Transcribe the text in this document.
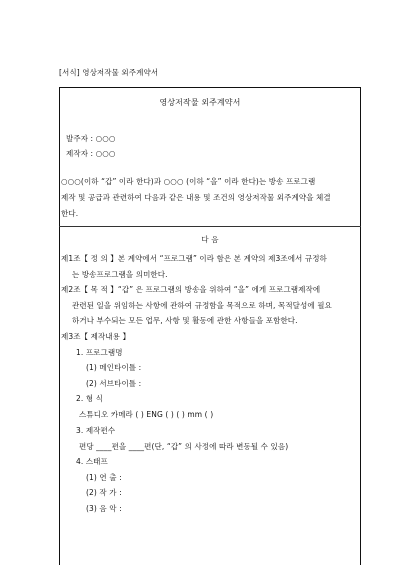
[서식] 영상저작물 외주계약서
영상저작물 외주계약서
발주자 : ○○○
제작자 : ○○○
○○○(이하 “갑” 이라 한다)과 ○○○ (이하 “을” 이라 한다)는 방송 프로그램
제작 및 공급과 관련하여 다음과 같은 내용 및 조건의 영상저작물 외주계약을 체결
한다.
다 음
제1조【 정 의 】본 계약에서 “프로그램” 이라 함은 본 계약의 제3조에서 규정하
는 방송프로그램을 의미한다.
제2조【 목 적 】“갑” 은 프로그램의 방송을 위하여 “을” 에게 프로그램제작에
관련된 일을 위임하는 사항에 관하여 규정함을 목적으로 하며, 목적달성에 필요
하거나 부수되는 모든 업무, 사항 및 활동에 관한 사항들을 포함한다.
제3조【 제작내용 】
1. 프로그램명
(1) 메인타이틀 :
(2) 서브타이틀 :
2. 형 식
스튜디오 카메라 ( ) ENG ( ) ( ) mm ( )
3. 제작편수
편당 ____편을 ____편(단, “갑” 의 사정에 따라 변동될 수 있음)
4. 스태프
(1) 연 출 :
(2) 작 가 :
(3) 음 악 :
